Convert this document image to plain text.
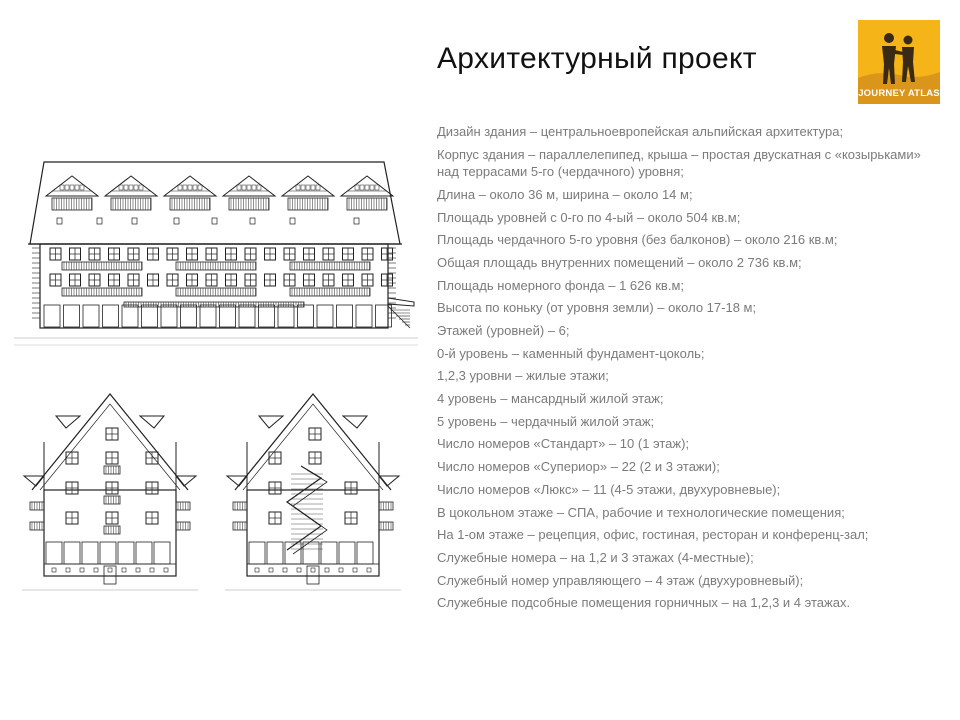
Архитектурный проект
JOURNEY ATLAS
Дизайн здания – центральноевропейская альпийская архитектура;
Корпус здания – параллелепипед, крыша – простая двускатная с «козырьками» над террасами 5-го (чердачного) уровня;
Длина – около 36 м, ширина – около 14 м;
Площадь уровней с 0-го по 4-ый – около 504 кв.м;
Площадь чердачного 5-го уровня (без балконов) – около 216 кв.м;
Общая площадь внутренних помещений – около 2 736 кв.м;
Площадь номерного фонда – 1 626 кв.м;
Высота по коньку (от уровня земли) – около 17-18 м;
Этажей (уровней) – 6;
0-й уровень – каменный фундамент-цоколь;
1,2,3 уровни – жилые этажи;
4 уровень – мансардный жилой этаж;
5 уровень – чердачный жилой этаж;
Число номеров «Стандарт» – 10 (1 этаж);
Число номеров «Супериор» – 22 (2 и 3 этажи);
Число номеров «Люкс» – 11 (4-5 этажи, двухуровневые);
В цокольном этаже – СПА, рабочие и технологические помещения;
На 1-ом этаже – рецепция, офис, гостиная, ресторан и конференц-зал;
Служебные номера – на 1,2 и 3 этажах (4-местные);
Служебный номер управляющего – 4 этаж (двухуровневый);
Служебные подсобные помещения горничных – на 1,2,3 и 4 этажах.
